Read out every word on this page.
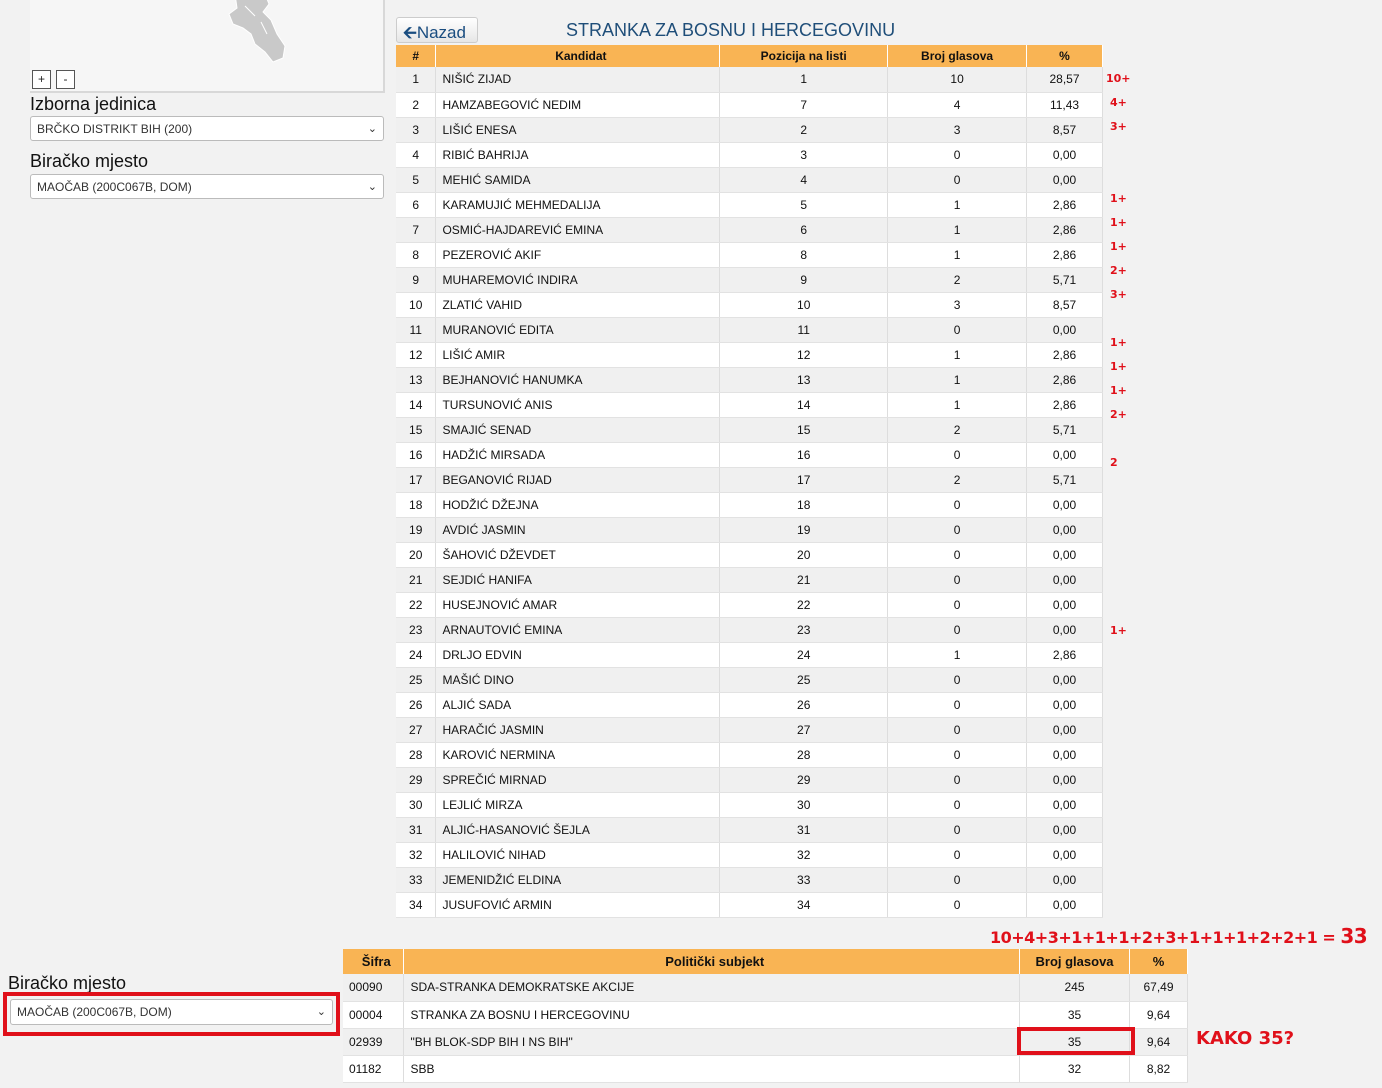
+	-
Izborna jedinica
BRČKO DISTRIKT BIH (200)	⌄
Biračko mjesto
MAOČAB (200C067B, DOM)	⌄
🡨Nazad	STRANKA ZA BOSNU I HERCEGOVINU
#	Kandidat	Pozicija na listi	Broj glasova	%
1	NIŠIĆ ZIJAD	1	10	28,57
2	HAMZABEGOVIĆ NEDIM	7	4	11,43
3	LIŠIĆ ENESA	2	3	8,57
4	RIBIĆ BAHRIJA	3	0	0,00
5	MEHIĆ SAMIDA	4	0	0,00
6	KARAMUJIĆ MEHMEDALIJA	5	1	2,86
7	OSMIĆ-HAJDAREVIĆ EMINA	6	1	2,86
8	PEZEROVIĆ AKIF	8	1	2,86
9	MUHAREMOVIĆ INDIRA	9	2	5,71
10	ZLATIĆ VAHID	10	3	8,57
11	MURANOVIĆ EDITA	11	0	0,00
12	LIŠIĆ AMIR	12	1	2,86
13	BEJHANOVIĆ HANUMKA	13	1	2,86
14	TURSUNOVIĆ ANIS	14	1	2,86
15	SMAJIĆ SENAD	15	2	5,71
16	HADŽIĆ MIRSADA	16	0	0,00
17	BEGANOVIĆ RIJAD	17	2	5,71
18	HODŽIĆ DŽEJNA	18	0	0,00
19	AVDIĆ JASMIN	19	0	0,00
20	ŠAHOVIĆ DŽEVDET	20	0	0,00
21	SEJDIĆ HANIFA	21	0	0,00
22	HUSEJNOVIĆ AMAR	22	0	0,00
23	ARNAUTOVIĆ EMINA	23	0	0,00
24	DRLJO EDVIN	24	1	2,86
25	MAŠIĆ DINO	25	0	0,00
26	ALJIĆ SADA	26	0	0,00
27	HARAČIĆ JASMIN	27	0	0,00
28	KAROVIĆ NERMINA	28	0	0,00
29	SPREČIĆ MIRNAD	29	0	0,00
30	LEJLIĆ MIRZA	30	0	0,00
31	ALJIĆ-HASANOVIĆ ŠEJLA	31	0	0,00
32	HALILOVIĆ NIHAD	32	0	0,00
33	JEMENIDŽIĆ ELDINA	33	0	0,00
34	JUSUFOVIĆ ARMIN	34	0	0,00
10+
4+
3+
1+
1+
1+
2+
3+
1+
1+
1+
2+
2
1+
10+4+3+1+1+1+2+3+1+1+1+2+2+1 = 33
Biračko mjesto
MAOČAB (200C067B, DOM)	⌄
Šifra	Politički subjekt	Broj glasova	%
00090	SDA-STRANKA DEMOKRATSKE AKCIJE	245	67,49
00004	STRANKA ZA BOSNU I HERCEGOVINU	35	9,64
02939	"BH BLOK-SDP BIH I NS BIH"	35	9,64
01182	SBB	32	8,82
KAKO 35?
